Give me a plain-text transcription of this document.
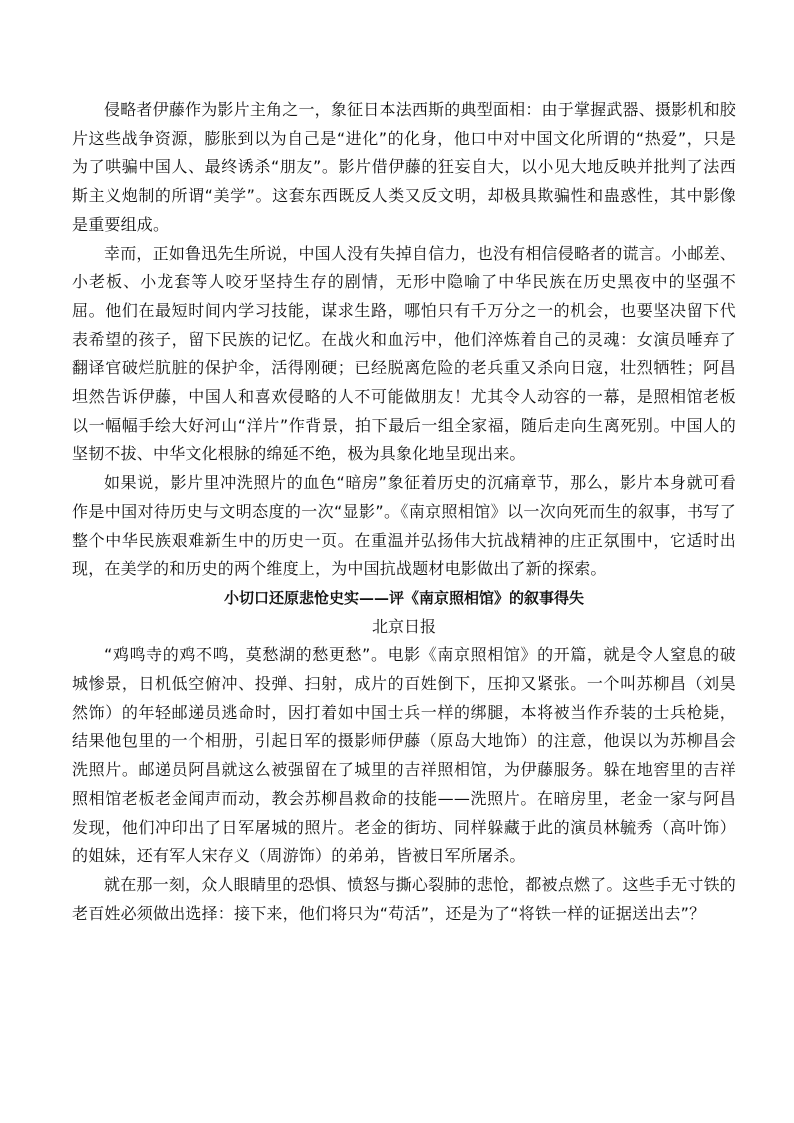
侵略者伊藤作为影片主角之一，象征日本法西斯的典型面相：由于掌握武器、摄影机和胶片这些战争资源，膨胀到以为自己是“进化”的化身，他口中对中国文化所谓的“热爱”，只是为了哄骗中国人、最终诱杀“朋友”。影片借伊藤的狂妄自大，以小见大地反映并批判了法西斯主义炮制的所谓“美学”。这套东西既反人类又反文明，却极具欺骗性和蛊惑性，其中影像是重要组成。

幸而，正如鲁迅先生所说，中国人没有失掉自信力，也没有相信侵略者的谎言。小邮差、小老板、小龙套等人咬牙坚持生存的剧情，无形中隐喻了中华民族在历史黑夜中的坚强不屈。他们在最短时间内学习技能，谋求生路，哪怕只有千万分之一的机会，也要坚决留下代表希望的孩子，留下民族的记忆。在战火和血污中，他们淬炼着自己的灵魂：女演员唾弃了翻译官破烂肮脏的保护伞，活得刚硬；已经脱离危险的老兵重又杀向日寇，壮烈牺牲；阿昌坦然告诉伊藤，中国人和喜欢侵略的人不可能做朋友！尤其令人动容的一幕，是照相馆老板以一幅幅手绘大好河山“洋片”作背景，拍下最后一组全家福，随后走向生离死别。中国人的坚韧不拔、中华文化根脉的绵延不绝，极为具象化地呈现出来。

如果说，影片里冲洗照片的血色“暗房”象征着历史的沉痛章节，那么，影片本身就可看作是中国对待历史与文明态度的一次“显影”。《南京照相馆》以一次向死而生的叙事，书写了整个中华民族艰难新生中的历史一页。在重温并弘扬伟大抗战精神的庄正氛围中，它适时出现，在美学的和历史的两个维度上，为中国抗战题材电影做出了新的探索。

小切口还原悲怆史实——评《南京照相馆》的叙事得失

北京日报

“鸡鸣寺的鸡不鸣，莫愁湖的愁更愁”。电影《南京照相馆》的开篇，就是令人窒息的破城惨景，日机低空俯冲、投弹、扫射，成片的百姓倒下，压抑又紧张。一个叫苏柳昌（刘昊然饰）的年轻邮递员逃命时，因打着如中国士兵一样的绑腿，本将被当作乔装的士兵枪毙，结果他包里的一个相册，引起日军的摄影师伊藤（原岛大地饰）的注意，他误以为苏柳昌会洗照片。邮递员阿昌就这么被强留在了城里的吉祥照相馆，为伊藤服务。躲在地窖里的吉祥照相馆老板老金闻声而动，教会苏柳昌救命的技能——洗照片。在暗房里，老金一家与阿昌发现，他们冲印出了日军屠城的照片。老金的街坊、同样躲藏于此的演员林毓秀（高叶饰）的姐妹，还有军人宋存义（周游饰）的弟弟，皆被日军所屠杀。

就在那一刻，众人眼睛里的恐惧、愤怒与撕心裂肺的悲怆，都被点燃了。这些手无寸铁的老百姓必须做出选择：接下来，他们将只为“苟活”，还是为了“将铁一样的证据送出去”？
